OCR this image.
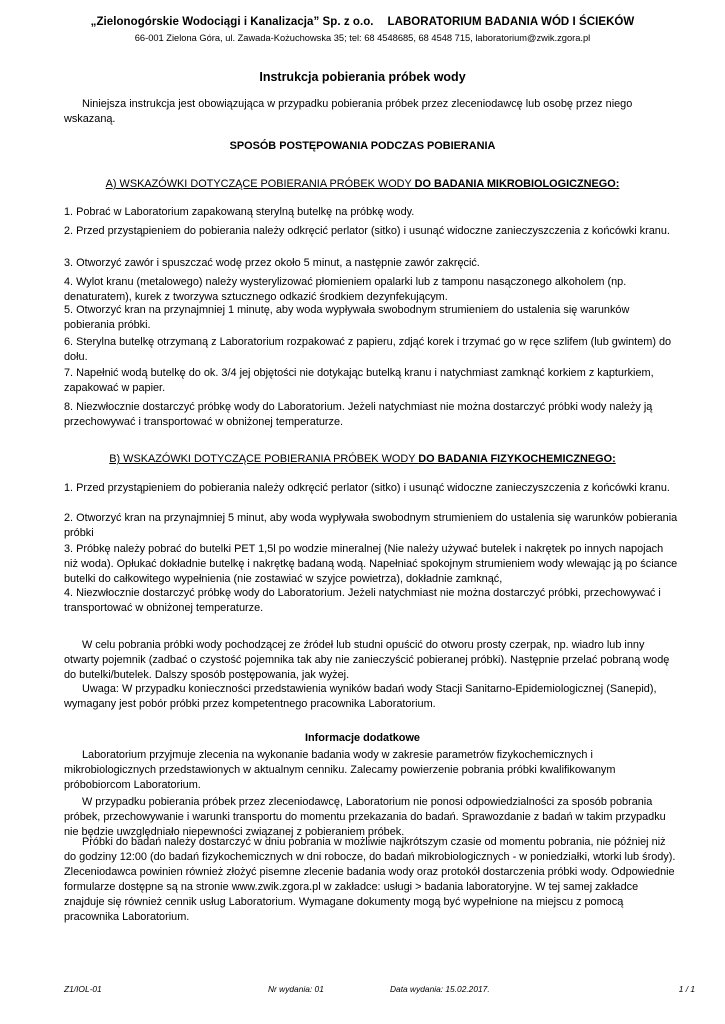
„Zielonogórskie Wodociągi i Kanalizacja” Sp. z o.o. LABORATORIUM BADANIA WÓD I ŚCIEKÓW
66-001 Zielona Góra, ul. Zawada-Kożuchowska 35; tel: 68 4548685, 68 4548 715, laboratorium@zwik.zgora.pl
Instrukcja pobierania próbek wody
Niniejsza instrukcja jest obowiązująca w przypadku pobierania próbek przez zleceniodawcę lub osobę przez niego wskazaną.
SPOSÓB POSTĘPOWANIA PODCZAS POBIERANIA
A) WSKAZÓWKI DOTYCZĄCE POBIERANIA PRÓBEK WODY DO BADANIA MIKROBIOLOGICZNEGO:
1. Pobrać w Laboratorium zapakowaną sterylną butelkę na próbkę wody.
2. Przed przystąpieniem do pobierania należy odkręcić perlator (sitko) i usunąć widoczne zanieczyszczenia z końcówki kranu.
3. Otworzyć zawór i spuszczać wodę przez około 5 minut, a następnie zawór zakręcić.
4. Wylot kranu (metalowego) należy wysterylizować płomieniem opalarki lub z tamponu nasączonego alkoholem (np. denaturatem), kurek z tworzywa sztucznego odkazić środkiem dezynfekującym.
5. Otworzyć kran na przynajmniej 1 minutę, aby woda wypływała swobodnym strumieniem do ustalenia się warunków pobierania próbki.
6. Sterylna butelkę otrzymaną z Laboratorium rozpakować z papieru, zdjąć korek i trzymać go w ręce szlifem (lub gwintem) do dołu.
7. Napełnić wodą butelkę do ok. 3/4 jej objętości nie dotykając butelką kranu i natychmiast zamknąć korkiem z kapturkiem, zapakować w papier.
8. Niezwłocznie dostarczyć próbkę wody do Laboratorium. Jeżeli natychmiast nie można dostarczyć próbki wody należy ją przechowywać i transportować w obniżonej temperaturze.
B) WSKAZÓWKI DOTYCZĄCE POBIERANIA PRÓBEK WODY DO BADANIA FIZYKOCHEMICZNEGO:
1. Przed przystąpieniem do pobierania należy odkręcić perlator (sitko) i usunąć widoczne zanieczyszczenia z końcówki kranu.
2. Otworzyć kran na przynajmniej 5 minut, aby woda wypływała swobodnym strumieniem do ustalenia się warunków pobierania próbki
3. Próbkę należy pobrać do butelki PET 1,5l po wodzie mineralnej (Nie należy używać butelek i nakrętek po innych napojach niż woda). Opłukać dokładnie butelkę i nakrętkę badaną wodą. Napełniać spokojnym strumieniem wody wlewając ją po ściance butelki do całkowitego wypełnienia (nie zostawiać w szyjce powietrza), dokładnie zamknąć,
4. Niezwłocznie dostarczyć próbkę wody do Laboratorium. Jeżeli natychmiast nie można dostarczyć próbki, przechowywać i transportować w obniżonej temperaturze.
W celu pobrania próbki wody pochodzącej ze źródeł lub studni opuścić do otworu prosty czerpak, np. wiadro lub inny otwarty pojemnik (zadbać o czystość pojemnika tak aby nie zanieczyścić pobieranej próbki). Następnie przelać pobraną wodę do butelki/butelek. Dalszy sposób postępowania, jak wyżej.
Uwaga: W przypadku konieczności przedstawienia wyników badań wody Stacji Sanitarno-Epidemiologicznej (Sanepid), wymagany jest pobór próbki przez kompetentnego pracownika Laboratorium.
Informacje dodatkowe
Laboratorium przyjmuje zlecenia na wykonanie badania wody w zakresie parametrów fizykochemicznych i mikrobiologicznych przedstawionych w aktualnym cenniku. Zalecamy powierzenie pobrania próbki kwalifikowanym próbobiorcom Laboratorium.
W przypadku pobierania próbek przez zleceniodawcę, Laboratorium nie ponosi odpowiedzialności za sposób pobrania próbek, przechowywanie i warunki transportu do momentu przekazania do badań. Sprawozdanie z badań w takim przypadku nie będzie uwzględniało niepewności związanej z pobieraniem próbek.
Próbki do badań należy dostarczyć w dniu pobrania w możliwie najkrótszym czasie od momentu pobrania, nie później niż do godziny 12:00 (do badań fizykochemicznych w dni robocze, do badań mikrobiologicznych - w poniedziałki, wtorki lub środy). Zleceniodawca powinien również złożyć pisemne zlecenie badania wody oraz protokół dostarczenia próbki wody. Odpowiednie formularze dostępne są na stronie www.zwik.zgora.pl w zakładce: usługi > badania laboratoryjne. W tej samej zakładce znajduje się również cennik usług Laboratorium. Wymagane dokumenty mogą być wypełnione na miejscu z pomocą pracownika Laboratorium.
Z1/IOL-01	Nr wydania: 01	Data wydania: 15.02.2017.	1 / 1
